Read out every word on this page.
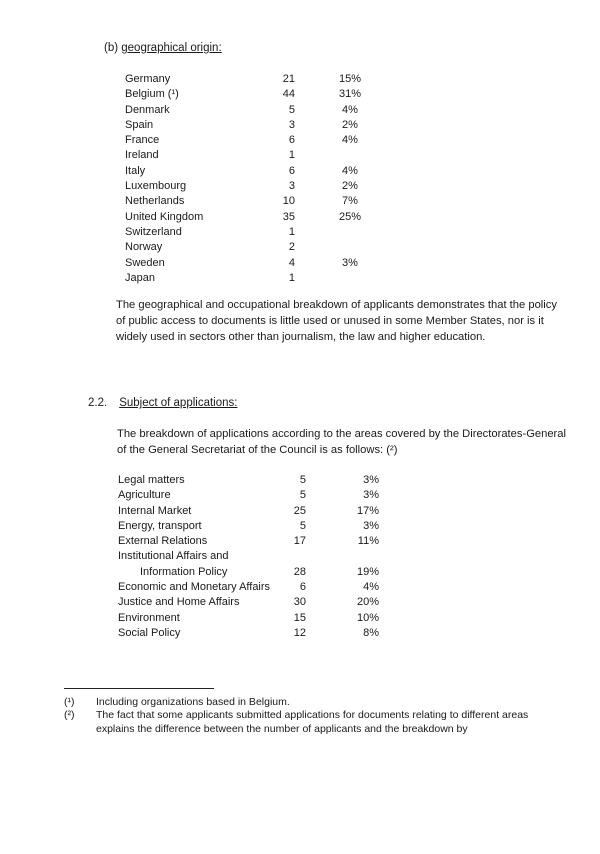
(b) geographical origin:
Germany	21	15%
Belgium (¹)	44	31%
Denmark	5	4%
Spain	3	2%
France	6	4%
Ireland	1
Italy	6	4%
Luxembourg	3	2%
Netherlands	10	7%
United Kingdom	35	25%
Switzerland	1
Norway	2
Sweden	4	3%
Japan	1
The geographical and occupational breakdown of applicants demonstrates that the policy of public access to documents is little used or unused in some Member States, nor is it widely used in sectors other than journalism, the law and higher education.
2.2. Subject of applications:
The breakdown of applications according to the areas covered by the Directorates-General of the General Secretariat of the Council is as follows: (²)
Legal matters	5	3%
Agriculture	5	3%
Internal Market	25	17%
Energy, transport	5	3%
External Relations	17	11%
Institutional Affairs and
Information Policy	28	19%
Economic and Monetary Affairs	6	4%
Justice and Home Affairs	30	20%
Environment	15	10%
Social Policy	12	8%
(¹) Including organizations based in Belgium.
(²) The fact that some applicants submitted applications for documents relating to different areas explains the difference between the number of applicants and the breakdown by
